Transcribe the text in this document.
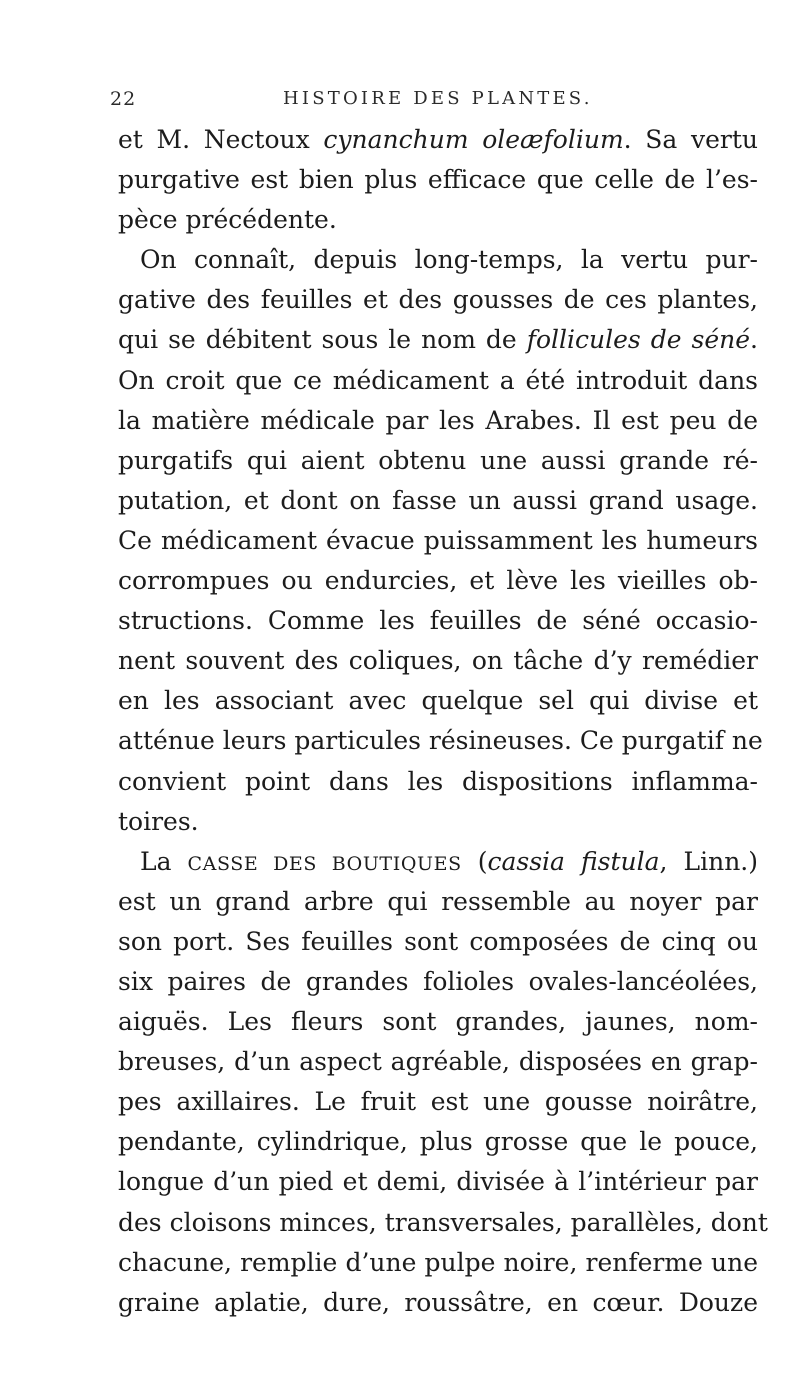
22	HISTOIRE DES PLANTES.
et M. Nectoux cynanchum oleæfolium. Sa vertu
purgative est bien plus efficace que celle de l’es-
pèce précédente.
On connaît, depuis long-temps, la vertu pur-
gative des feuilles et des gousses de ces plantes,
qui se débitent sous le nom de follicules de séné.
On croit que ce médicament a été introduit dans
la matière médicale par les Arabes. Il est peu de
purgatifs qui aient obtenu une aussi grande ré-
putation, et dont on fasse un aussi grand usage.
Ce médicament évacue puissamment les humeurs
corrompues ou endurcies, et lève les vieilles ob-
structions. Comme les feuilles de séné occasio-
nent souvent des coliques, on tâche d’y remédier
en les associant avec quelque sel qui divise et
atténue leurs particules résineuses. Ce purgatif ne
convient point dans les dispositions inflamma-
toires.
La CASSE DES BOUTIQUES (cassia fistula, Linn.)
est un grand arbre qui ressemble au noyer par
son port. Ses feuilles sont composées de cinq ou
six paires de grandes folioles ovales-lancéolées,
aiguës. Les fleurs sont grandes, jaunes, nom-
breuses, d’un aspect agréable, disposées en grap-
pes axillaires. Le fruit est une gousse noirâtre,
pendante, cylindrique, plus grosse que le pouce,
longue d’un pied et demi, divisée à l’intérieur par
des cloisons minces, transversales, parallèles, dont
chacune, remplie d’une pulpe noire, renferme une
graine aplatie, dure, roussâtre, en cœur. Douze
